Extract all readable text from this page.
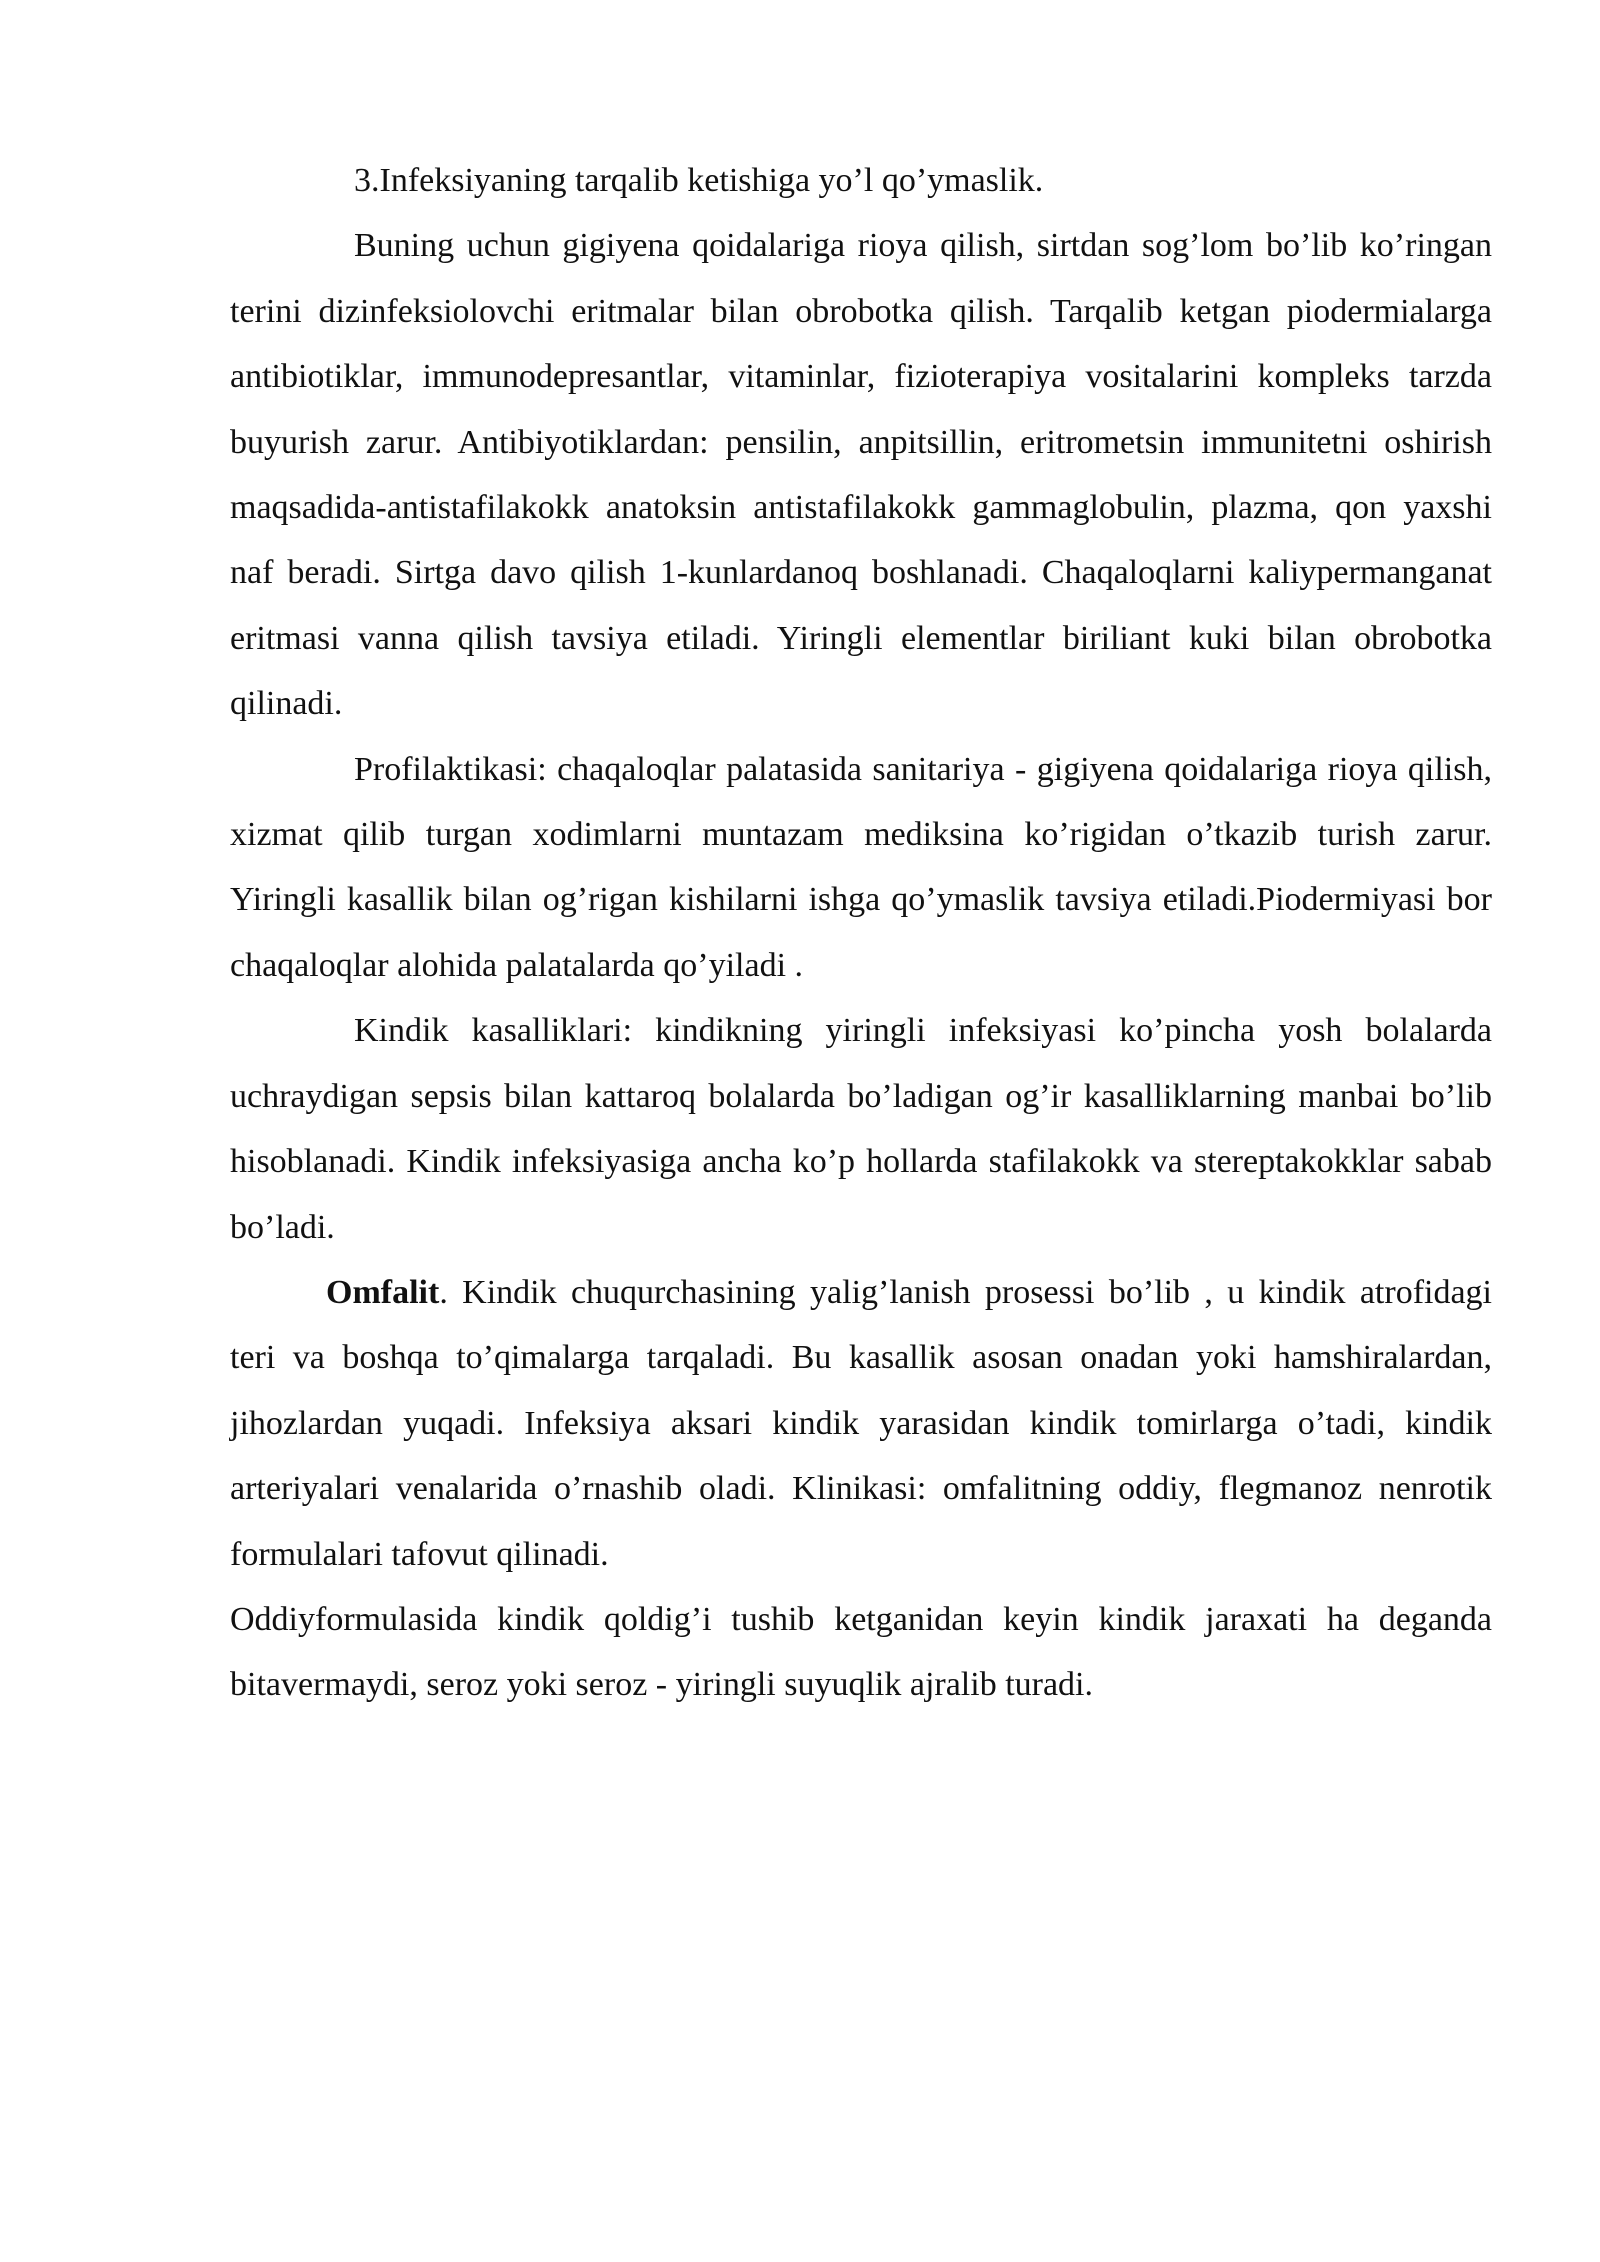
3.Infeksiyaning tarqalib ketishiga yo’l qo’ymaslik.

Buning uchun gigiyena qoidalariga rioya qilish, sirtdan sog’lom bo’lib ko’ringan terini dizinfeksiolovchi eritmalar bilan obrobotka qilish. Tarqalib ketgan piodermialarga antibiotiklar, immunodepresantlar, vitaminlar, fizioterapiya vositalarini kompleks tarzda buyurish zarur. Antibiyotiklardan: pensilin, anpitsillin, eritrometsin immunitetni oshirish maqsadida-antistafilakokk anatoksin antistafilakokk gammaglobulin, plazma, qon yaxshi naf beradi. Sirtga davo qilish 1-kunlardanoq boshlanadi. Chaqaloqlarni kaliypermanganat eritmasi vanna qilish tavsiya etiladi. Yiringli elementlar biriliant kuki bilan obrobotka qilinadi.

Profilaktikasi: chaqaloqlar palatasida sanitariya - gigiyena qoidalariga rioya qilish, xizmat qilib turgan xodimlarni muntazam mediksina ko’rigidan o’tkazib turish zarur. Yiringli kasallik bilan og’rigan kishilarni ishga qo’ymaslik tavsiya etiladi.Piodermiyasi bor chaqaloqlar alohida palatalarda qo’yiladi .

Kindik kasalliklari: kindikning yiringli infeksiyasi ko’pincha yosh bolalarda uchraydigan sepsis bilan kattaroq bolalarda bo’ladigan og’ir kasalliklarning manbai bo’lib hisoblanadi. Kindik infeksiyasiga ancha ko’p hollarda stafilakokk va stereptakokklar sabab bo’ladi.

Omfalit. Kindik chuqurchasining yalig’lanish prosessi bo’lib , u kindik atrofidagi teri va boshqa to’qimalarga tarqaladi. Bu kasallik asosan onadan yoki hamshiralardan, jihozlardan yuqadi. Infeksiya aksari kindik yarasidan kindik tomirlarga o’tadi, kindik arteriyalari venalarida o’rnashib oladi. Klinikasi: omfalitning oddiy, flegmanoz nenrotik formulalari tafovut qilinadi.

Oddiyformulasida kindik qoldig’i tushib ketganidan keyin kindik jaraxati ha deganda bitavermaydi, seroz yoki seroz - yiringli suyuqlik ajralib turadi.
